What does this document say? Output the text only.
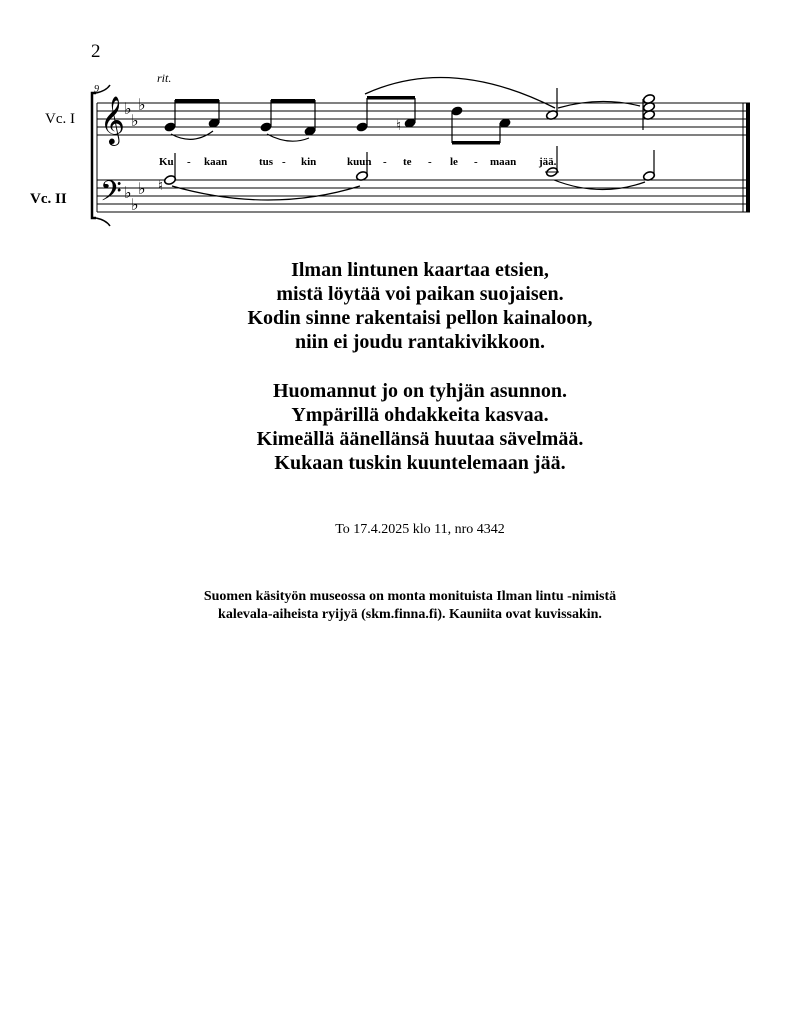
2
Vc. I
Vc. II
9
rit.
𝄞
𝄢
♭
♭
♭
♭
♭
♭
♮
♮
Ku - kaan	tus - kin	kuun - te - le - maan jää.
Ilman lintunen kaartaa etsien,
mistä löytää voi paikan suojaisen.
Kodin sinne rakentaisi pellon kainaloon,
niin ei joudu rantakivikkoon.
Huomannut jo on tyhjän asunnon.
Ympärillä ohdakkeita kasvaa.
Kimeällä äänellänsä huutaa sävelmää.
Kukaan tuskin kuuntelemaan jää.
To 17.4.2025 klo 11, nro 4342
Suomen käsityön museossa on monta monituista Ilman lintu -nimistä
kalevala-aiheista ryijyä (skm.finna.fi). Kauniita ovat kuvissakin.
